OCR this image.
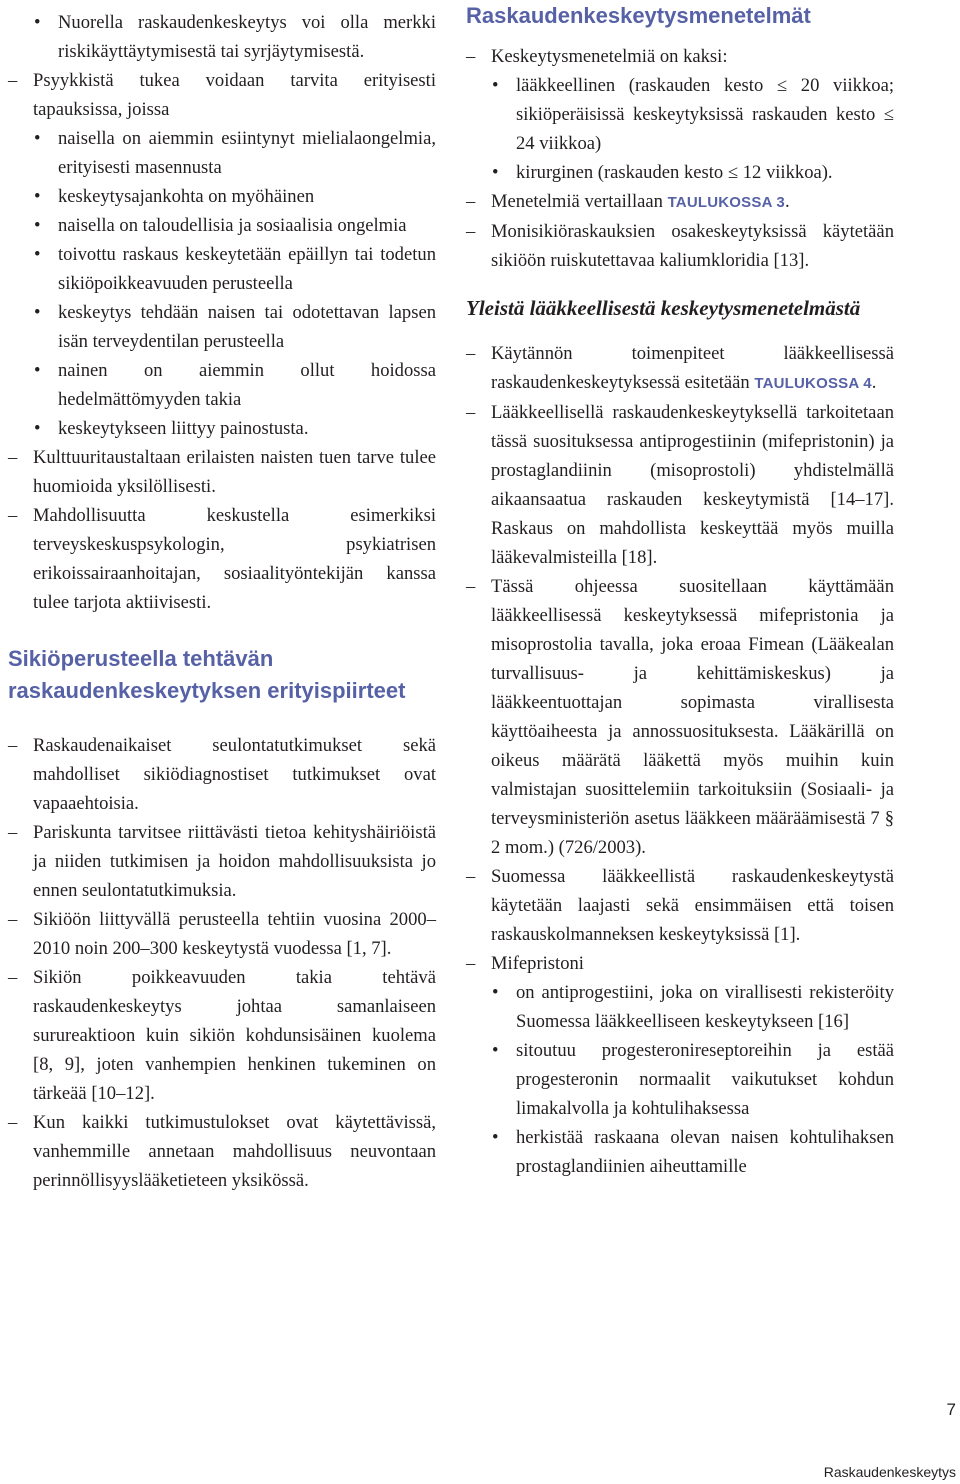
• Nuorella raskaudenkeskeytys voi olla merkki riskikäyttäytymisestä tai syrjäytymisestä.

– Psyykkistä tukea voidaan tarvita erityisesti tapauksissa, joissa

• naisella on aiemmin esiintynyt mielialaongelmia, erityisesti masennusta

• keskeytysajankohta on myöhäinen

• naisella on taloudellisia ja sosiaalisia ongelmia

• toivottu raskaus keskeytetään epäillyn tai todetun sikiöpoikkeavuuden perusteella

• keskeytys tehdään naisen tai odotettavan lapsen isän terveydentilan perusteella

• nainen on aiemmin ollut hoidossa hedelmättömyyden takia

• keskeytykseen liittyy painostusta.

– Kulttuuritaustaltaan erilaisten naisten tuen tarve tulee huomioida yksilöllisesti.

– Mahdollisuutta keskustella esimerkiksi terveyskeskuspsykologin, psykiatrisen erikoissairaanhoitajan, sosiaalityöntekijän kanssa tulee tarjota aktiivisesti.

Sikiöperusteella tehtävän
raskaudenkeskeytyksen erityispiirteet
– Raskaudenaikaiset seulontatutkimukset sekä mahdolliset sikiödiagnostiset tutkimukset ovat vapaaehtoisia.

– Pariskunta tarvitsee riittävästi tietoa kehityshäiriöistä ja niiden tutkimisen ja hoidon mahdollisuuksista jo ennen seulontatutkimuksia.

– Sikiöön liittyvällä perusteella tehtiin vuosina 2000–2010 noin 200–300 keskeytystä vuodessa [1, 7].

– Sikiön poikkeavuuden takia tehtävä raskaudenkeskeytys johtaa samanlaiseen surureaktioon kuin sikiön kohdunsisäinen kuolema [8, 9], joten vanhempien henkinen tukeminen on tärkeää [10–12].

– Kun kaikki tutkimustulokset ovat käytettävissä, vanhemmille annetaan mahdollisuus neuvontaan perinnöllisyyslääketieteen yksikössä.

Raskaudenkeskeytysmenetelmät
– Keskeytysmenetelmiä on kaksi:

• lääkkeellinen (raskauden kesto ≤ 20 viikkoa; sikiöperäisissä keskeytyksissä raskauden kesto ≤ 24 viikkoa)

• kirurginen (raskauden kesto ≤ 12 viikkoa).

– Menetelmiä vertaillaan TAULUKOSSA 3.

– Monisikiöraskauksien osakeskeytyksissä käytetään sikiöön ruiskutettavaa kaliumkloridia [13].

Yleistä lääkkeellisestä keskeytysmenetelmästä
– Käytännön toimenpiteet lääkkeellisessä raskaudenkeskeytyksessä esitetään TAULUKOSSA 4.

– Lääkkeellisellä raskaudenkeskeytyksellä tarkoitetaan tässä suosituksessa antiprogestiinin (mifepristonin) ja prostaglandiinin (misoprostoli) yhdistelmällä aikaansaatua raskauden keskeytymistä [14–17]. Raskaus on mahdollista keskeyttää myös muilla lääkevalmisteilla [18].

– Tässä ohjeessa suositellaan käyttämään lääkkeellisessä keskeytyksessä mifepristonia ja misoprostolia tavalla, joka eroaa Fimean (Lääkealan turvallisuus- ja kehittämiskeskus) ja lääkkeentuottajan sopimasta virallisesta käyttöaiheesta ja annossuosituksesta. Lääkärillä on oikeus määrätä lääkettä myös muihin kuin valmistajan suosittelemiin tarkoituksiin (Sosiaali- ja terveysministeriön asetus lääkkeen määräämisestä 7 § 2 mom.) (726/2003).

– Suomessa lääkkeellistä raskaudenkeskeytystä käytetään laajasti sekä ensimmäisen että toisen raskauskolmanneksen keskeytyksissä [1].

– Mifepristoni

• on antiprogestiini, joka on virallisesti rekisteröity Suomessa lääkkeelliseen keskeytykseen [16]

• sitoutuu progesteronireseptoreihin ja estää progesteronin normaalit vaikutukset kohdun limakalvolla ja kohtulihaksessa

• herkistää raskaana olevan naisen kohtulihaksen prostaglandiinien aiheuttamille

7
Raskaudenkeskeytys
